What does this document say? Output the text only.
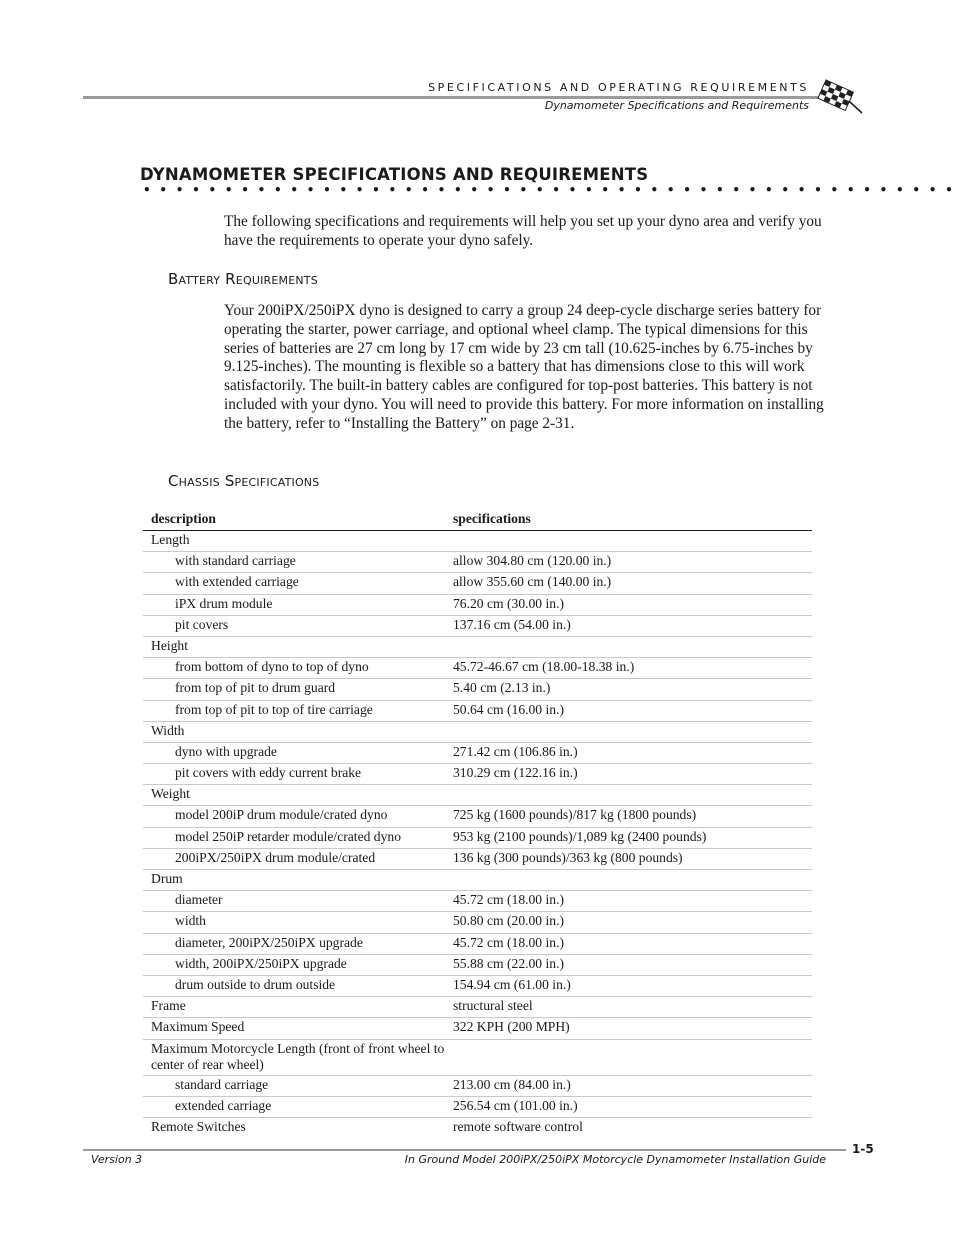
SPECIFICATIONS AND OPERATING REQUIREMENTS
Dynamometer Specifications and Requirements
DYNAMOMETER SPECIFICATIONS AND REQUIREMENTS
••••••••••••••••••••••••••••••••••••••••••••••••••

The following specifications and requirements will help you set up your dyno area and verify you have the requirements to operate your dyno safely.

Battery Requirements

Your 200iPX/250iPX dyno is designed to carry a group 24 deep-cycle discharge series battery for operating the starter, power carriage, and optional wheel clamp. The typical dimensions for this series of batteries are 27 cm long by 17 cm wide by 23 cm tall (10.625-inches by 6.75-inches by 9.125-inches). The mounting is flexible so a battery that has dimensions close to this will work satisfactorily. The built-in battery cables are configured for top-post batteries. This battery is not included with your dyno. You will need to provide this battery. For more information on installing the battery, refer to “Installing the Battery” on page 2-31.

Chassis Specifications
description	specifications
Length	
with standard carriage	allow 304.80 cm (120.00 in.)
with extended carriage	allow 355.60 cm (140.00 in.)
iPX drum module	76.20 cm (30.00 in.)
pit covers	137.16 cm (54.00 in.)
Height	
from bottom of dyno to top of dyno	45.72-46.67 cm (18.00-18.38 in.)
from top of pit to drum guard	5.40 cm (2.13 in.)
from top of pit to top of tire carriage	50.64 cm (16.00 in.)
Width	
dyno with upgrade	271.42 cm (106.86 in.)
pit covers with eddy current brake	310.29 cm (122.16 in.)
Weight	
model 200iP drum module/crated dyno	725 kg (1600 pounds)/817 kg (1800 pounds)
model 250iP retarder module/crated dyno	953 kg (2100 pounds)/1,089 kg (2400 pounds)
200iPX/250iPX drum module/crated	136 kg (300 pounds)/363 kg (800 pounds)
Drum	
diameter	45.72 cm (18.00 in.)
width	50.80 cm (20.00 in.)
diameter, 200iPX/250iPX upgrade	45.72 cm (18.00 in.)
width, 200iPX/250iPX upgrade	55.88 cm (22.00 in.)
drum outside to drum outside	154.94 cm (61.00 in.)
Frame	structural steel
Maximum Speed	322 KPH (200 MPH)
Maximum Motorcycle Length (front of front wheel to center of rear wheel)	
standard carriage	213.00 cm (84.00 in.)
extended carriage	256.54 cm (101.00 in.)
Remote Switches	remote software control
1-5
Version 3	In Ground Model 200iPX/250iPX Motorcycle Dynamometer Installation Guide
